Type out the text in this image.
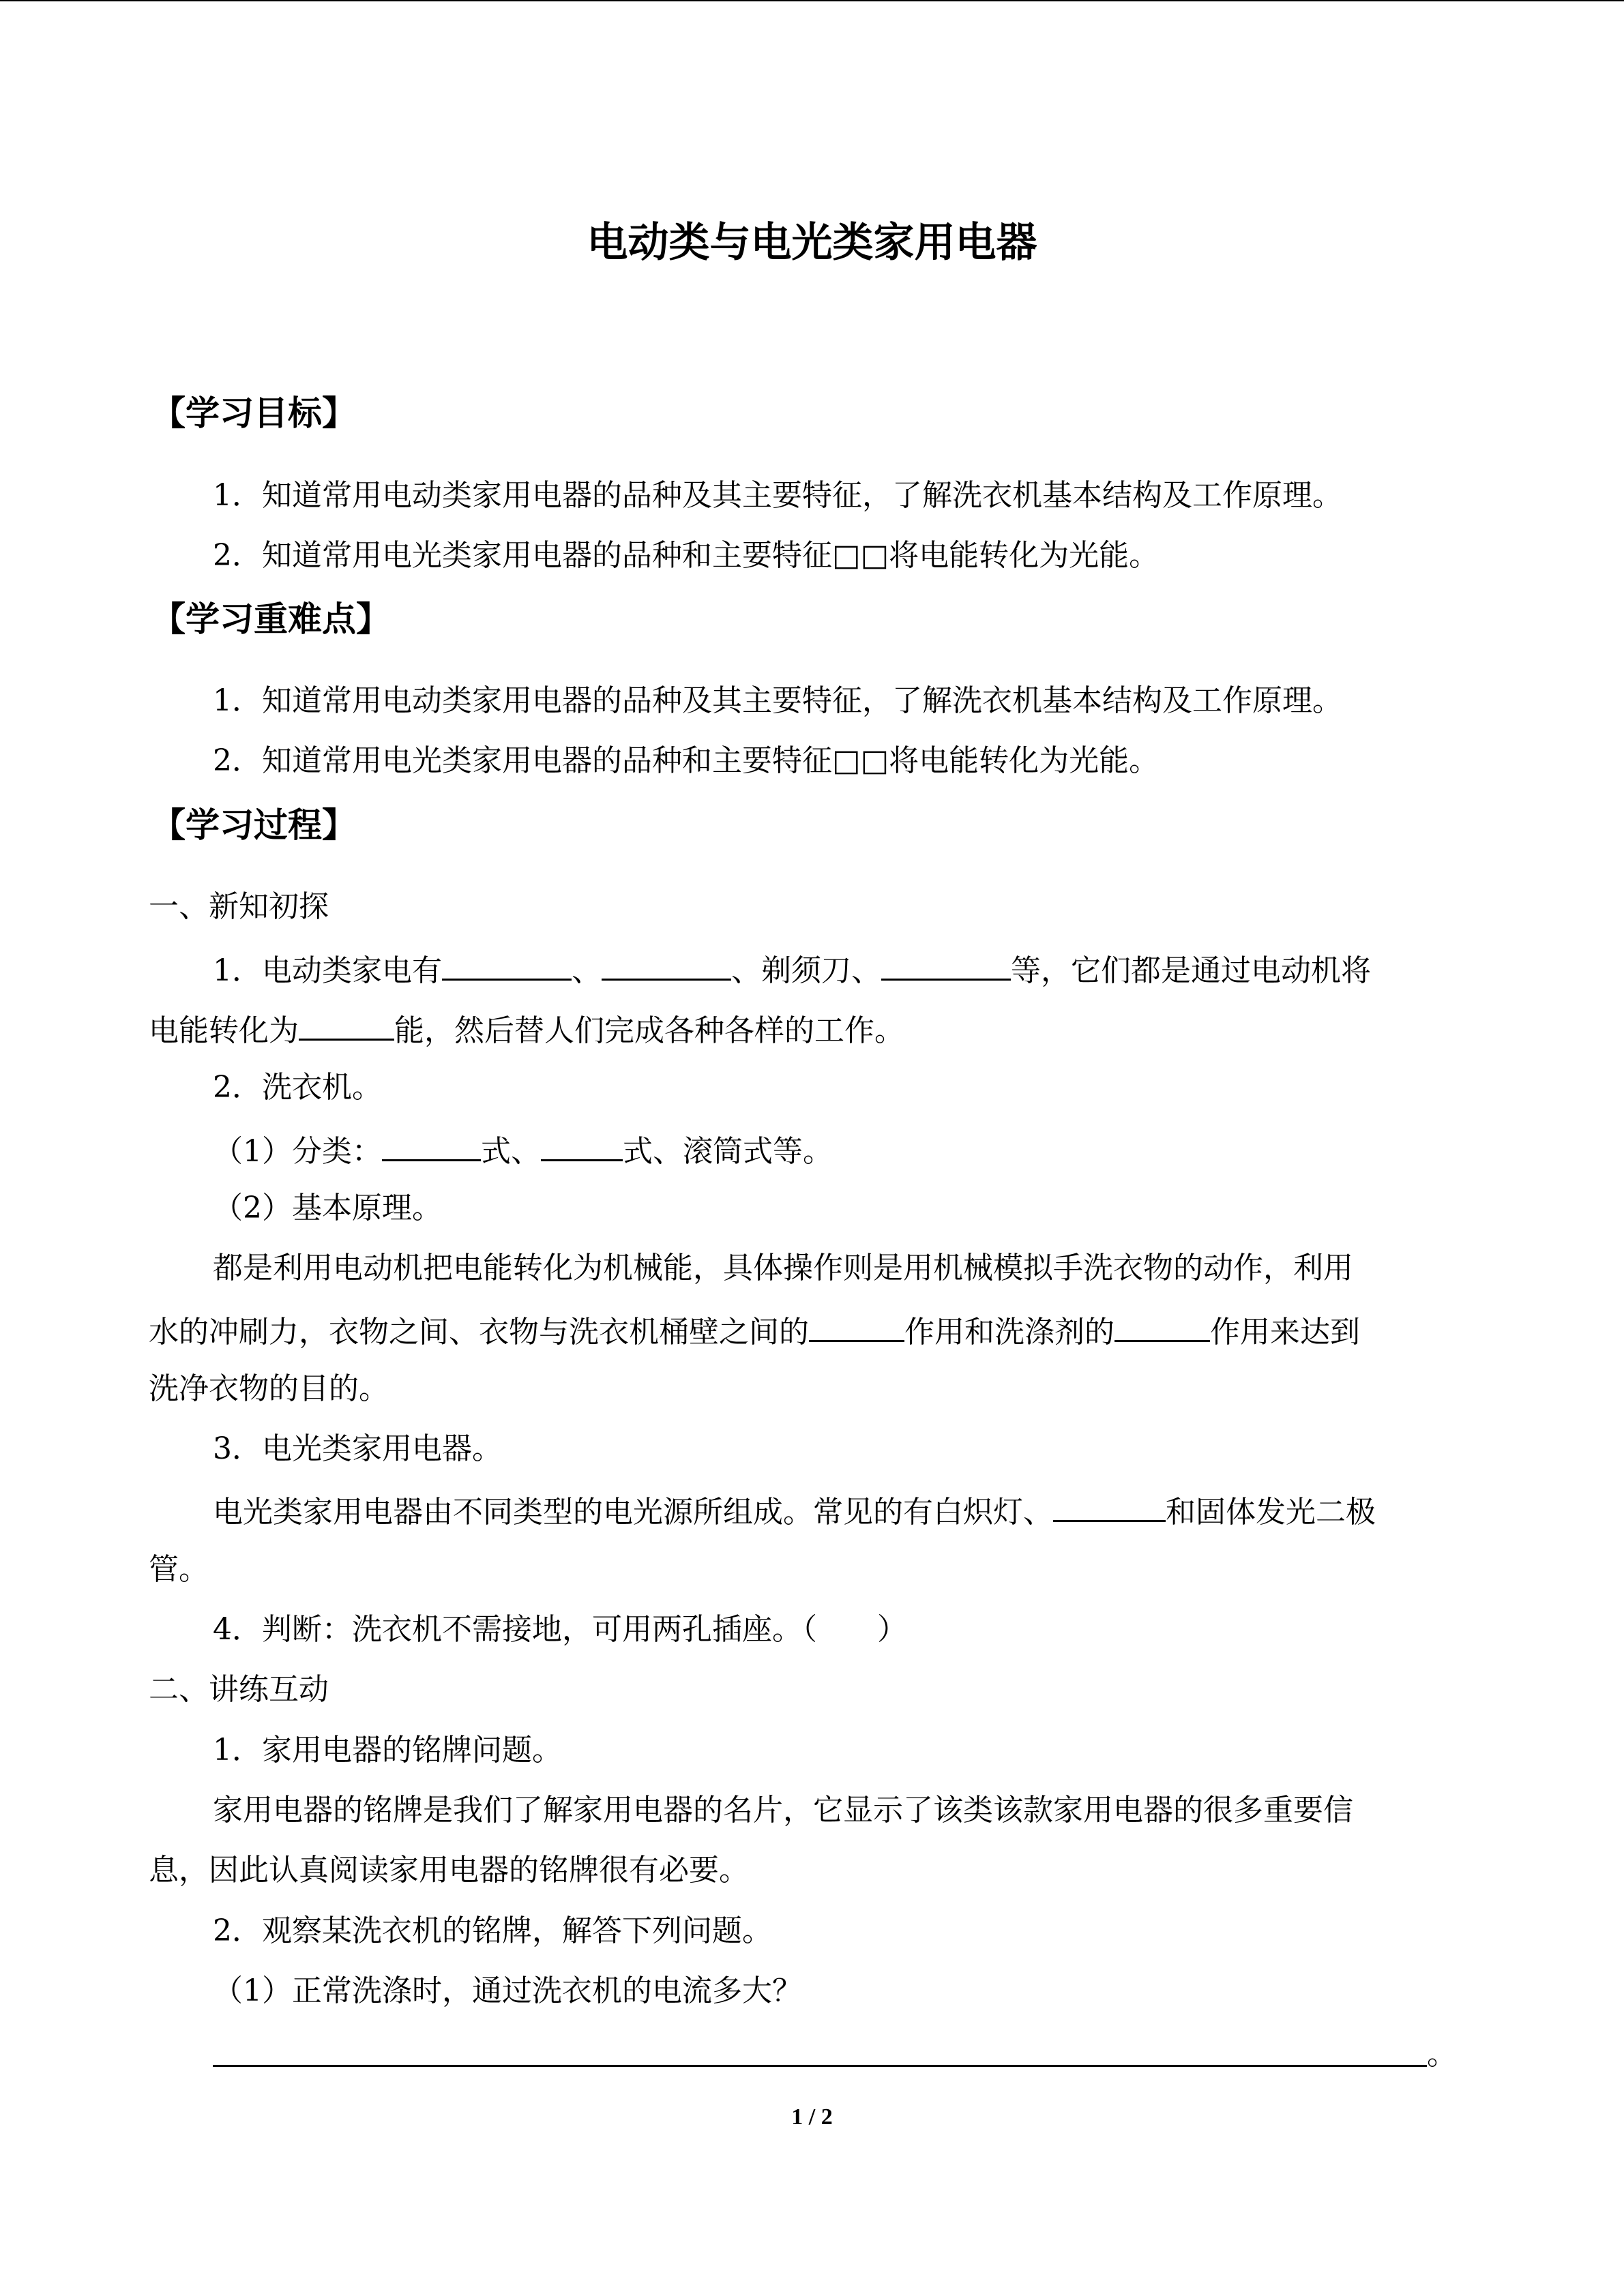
电动类与电光类家用电器
【学习目标】
1．知道常用电动类家用电器的品种及其主要特征，了解洗衣机基本结构及工作原理。
2．知道常用电光类家用电器的品种和主要特征□□将电能转化为光能。
【学习重难点】
1．知道常用电动类家用电器的品种及其主要特征，了解洗衣机基本结构及工作原理。
2．知道常用电光类家用电器的品种和主要特征□□将电能转化为光能。
【学习过程】
一、新知初探
1．电动类家电有	、	、剃须刀、	等，它们都是通过电动机将
电能转化为	能，然后替人们完成各种各样的工作。
2．洗衣机。
（1）分类：	式、	式、滚筒式等。
（2）基本原理。
都是利用电动机把电能转化为机械能，具体操作则是用机械模拟手洗衣物的动作，利用
水的冲刷力，衣物之间、衣物与洗衣机桶壁之间的	作用和洗涤剂的	作用来达到
洗净衣物的目的。
3．电光类家用电器。
电光类家用电器由不同类型的电光源所组成。常见的有白炽灯、	和固体发光二极
管。
4．判断：洗衣机不需接地，可用两孔插座。（　　）
二、讲练互动
1．家用电器的铭牌问题。
家用电器的铭牌是我们了解家用电器的名片，它显示了该类该款家用电器的很多重要信
息，因此认真阅读家用电器的铭牌很有必要。
2．观察某洗衣机的铭牌，解答下列问题。
（1）正常洗涤时，通过洗衣机的电流多大？
。
1 / 2
